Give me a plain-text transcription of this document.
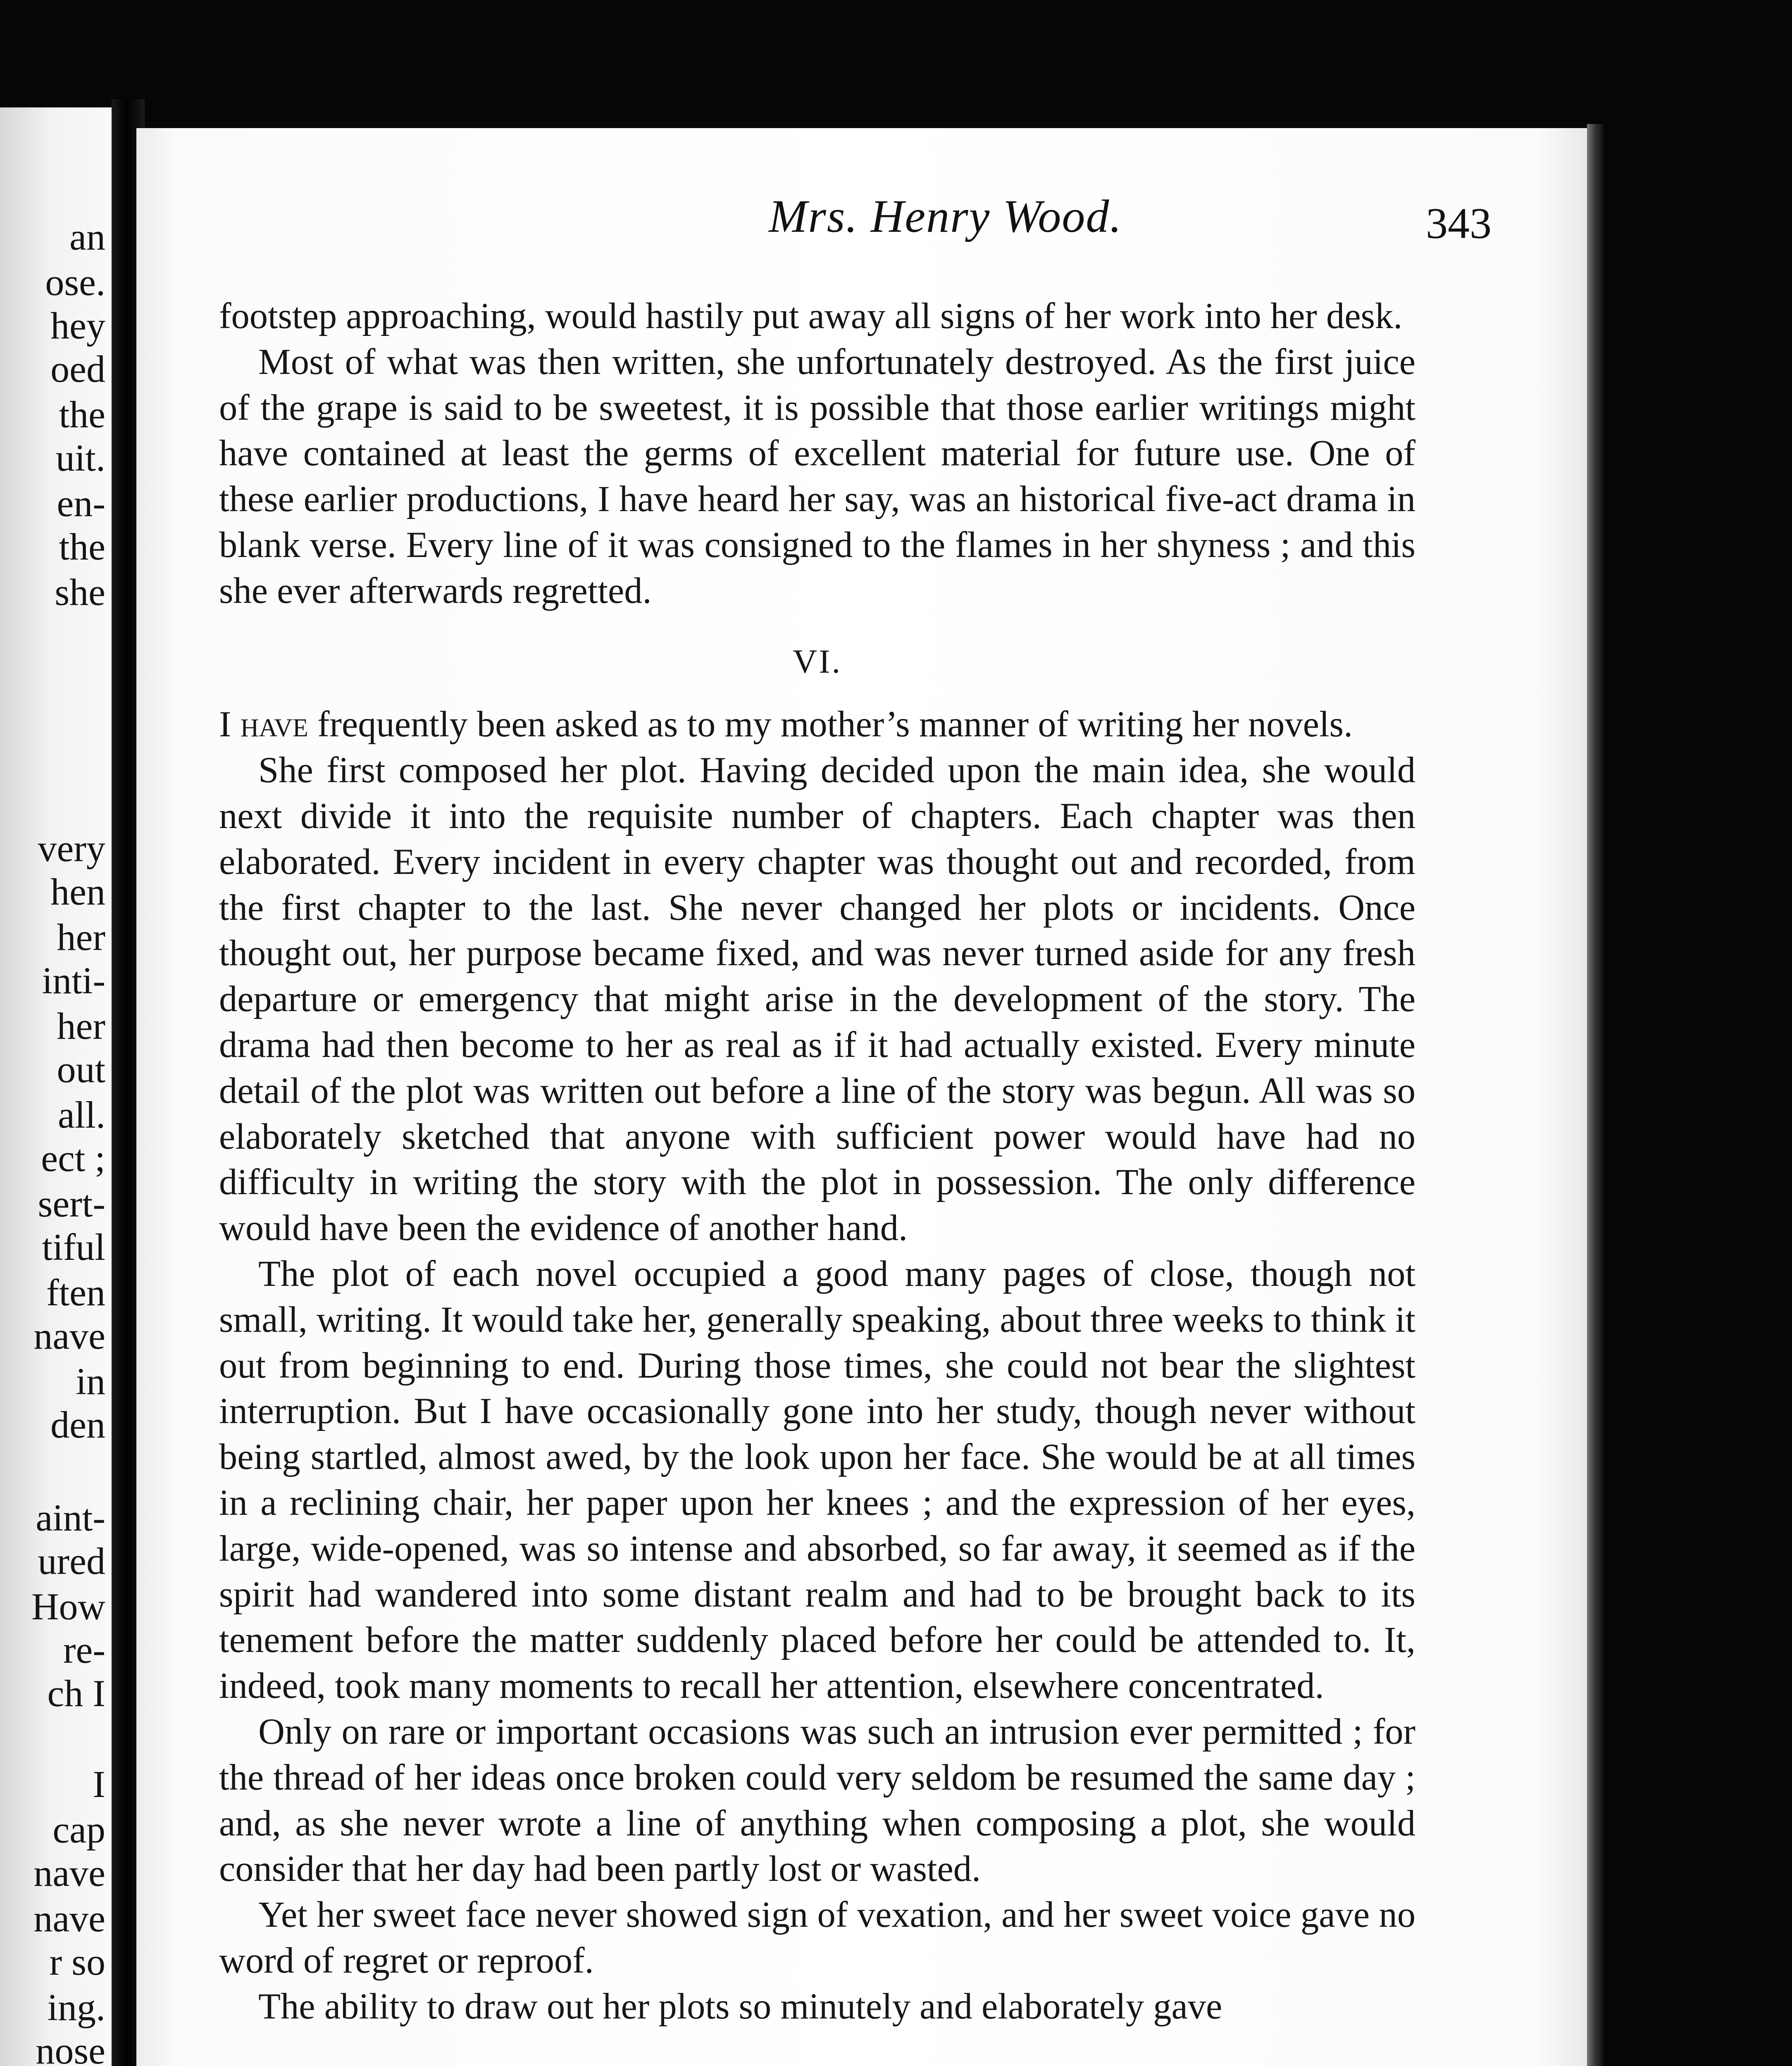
an
ose.
hey
oed
the
uit.
en-
the
she
very
hen
her
inti-
her
out
all.
ect ;
sert-
tiful
ften
nave
in
den
aint-
ured
How
re-
ch I
I
cap
nave
nave
r so
ing.
nose
Mrs. Henry Wood.	343

footstep approaching, would hastily put away all signs of her work into her desk.

Most of what was then written, she unfortunately destroyed. As the first juice of the grape is said to be sweetest, it is possible that those earlier writings might have contained at least the germs of excellent material for future use. One of these earlier productions, I have heard her say, was an historical five-act drama in blank verse. Every line of it was consigned to the flames in her shyness ; and this she ever afterwards regretted.

VI.

I have frequently been asked as to my mother’s manner of writing her novels.

She first composed her plot. Having decided upon the main idea, she would next divide it into the requisite number of chapters. Each chapter was then elaborated. Every incident in every chapter was thought out and recorded, from the first chapter to the last. She never changed her plots or incidents. Once thought out, her purpose became fixed, and was never turned aside for any fresh departure or emergency that might arise in the development of the story. The drama had then become to her as real as if it had actually existed. Every minute detail of the plot was written out before a line of the story was begun. All was so elaborately sketched that anyone with sufficient power would have had no difficulty in writing the story with the plot in possession. The only difference would have been the evidence of another hand.

The plot of each novel occupied a good many pages of close, though not small, writing. It would take her, generally speaking, about three weeks to think it out from beginning to end. During those times, she could not bear the slightest interruption. But I have occasionally gone into her study, though never without being startled, almost awed, by the look upon her face. She would be at all times in a reclining chair, her paper upon her knees ; and the expression of her eyes, large, wide-opened, was so intense and absorbed, so far away, it seemed as if the spirit had wandered into some distant realm and had to be brought back to its tenement before the matter suddenly placed before her could be attended to. It, indeed, took many moments to recall her attention, elsewhere concentrated.

Only on rare or important occasions was such an intrusion ever permitted ; for the thread of her ideas once broken could very seldom be resumed the same day ; and, as she never wrote a line of anything when composing a plot, she would consider that her day had been partly lost or wasted.

Yet her sweet face never showed sign of vexation, and her sweet voice gave no word of regret or reproof.

The ability to draw out her plots so minutely and elaborately gave
